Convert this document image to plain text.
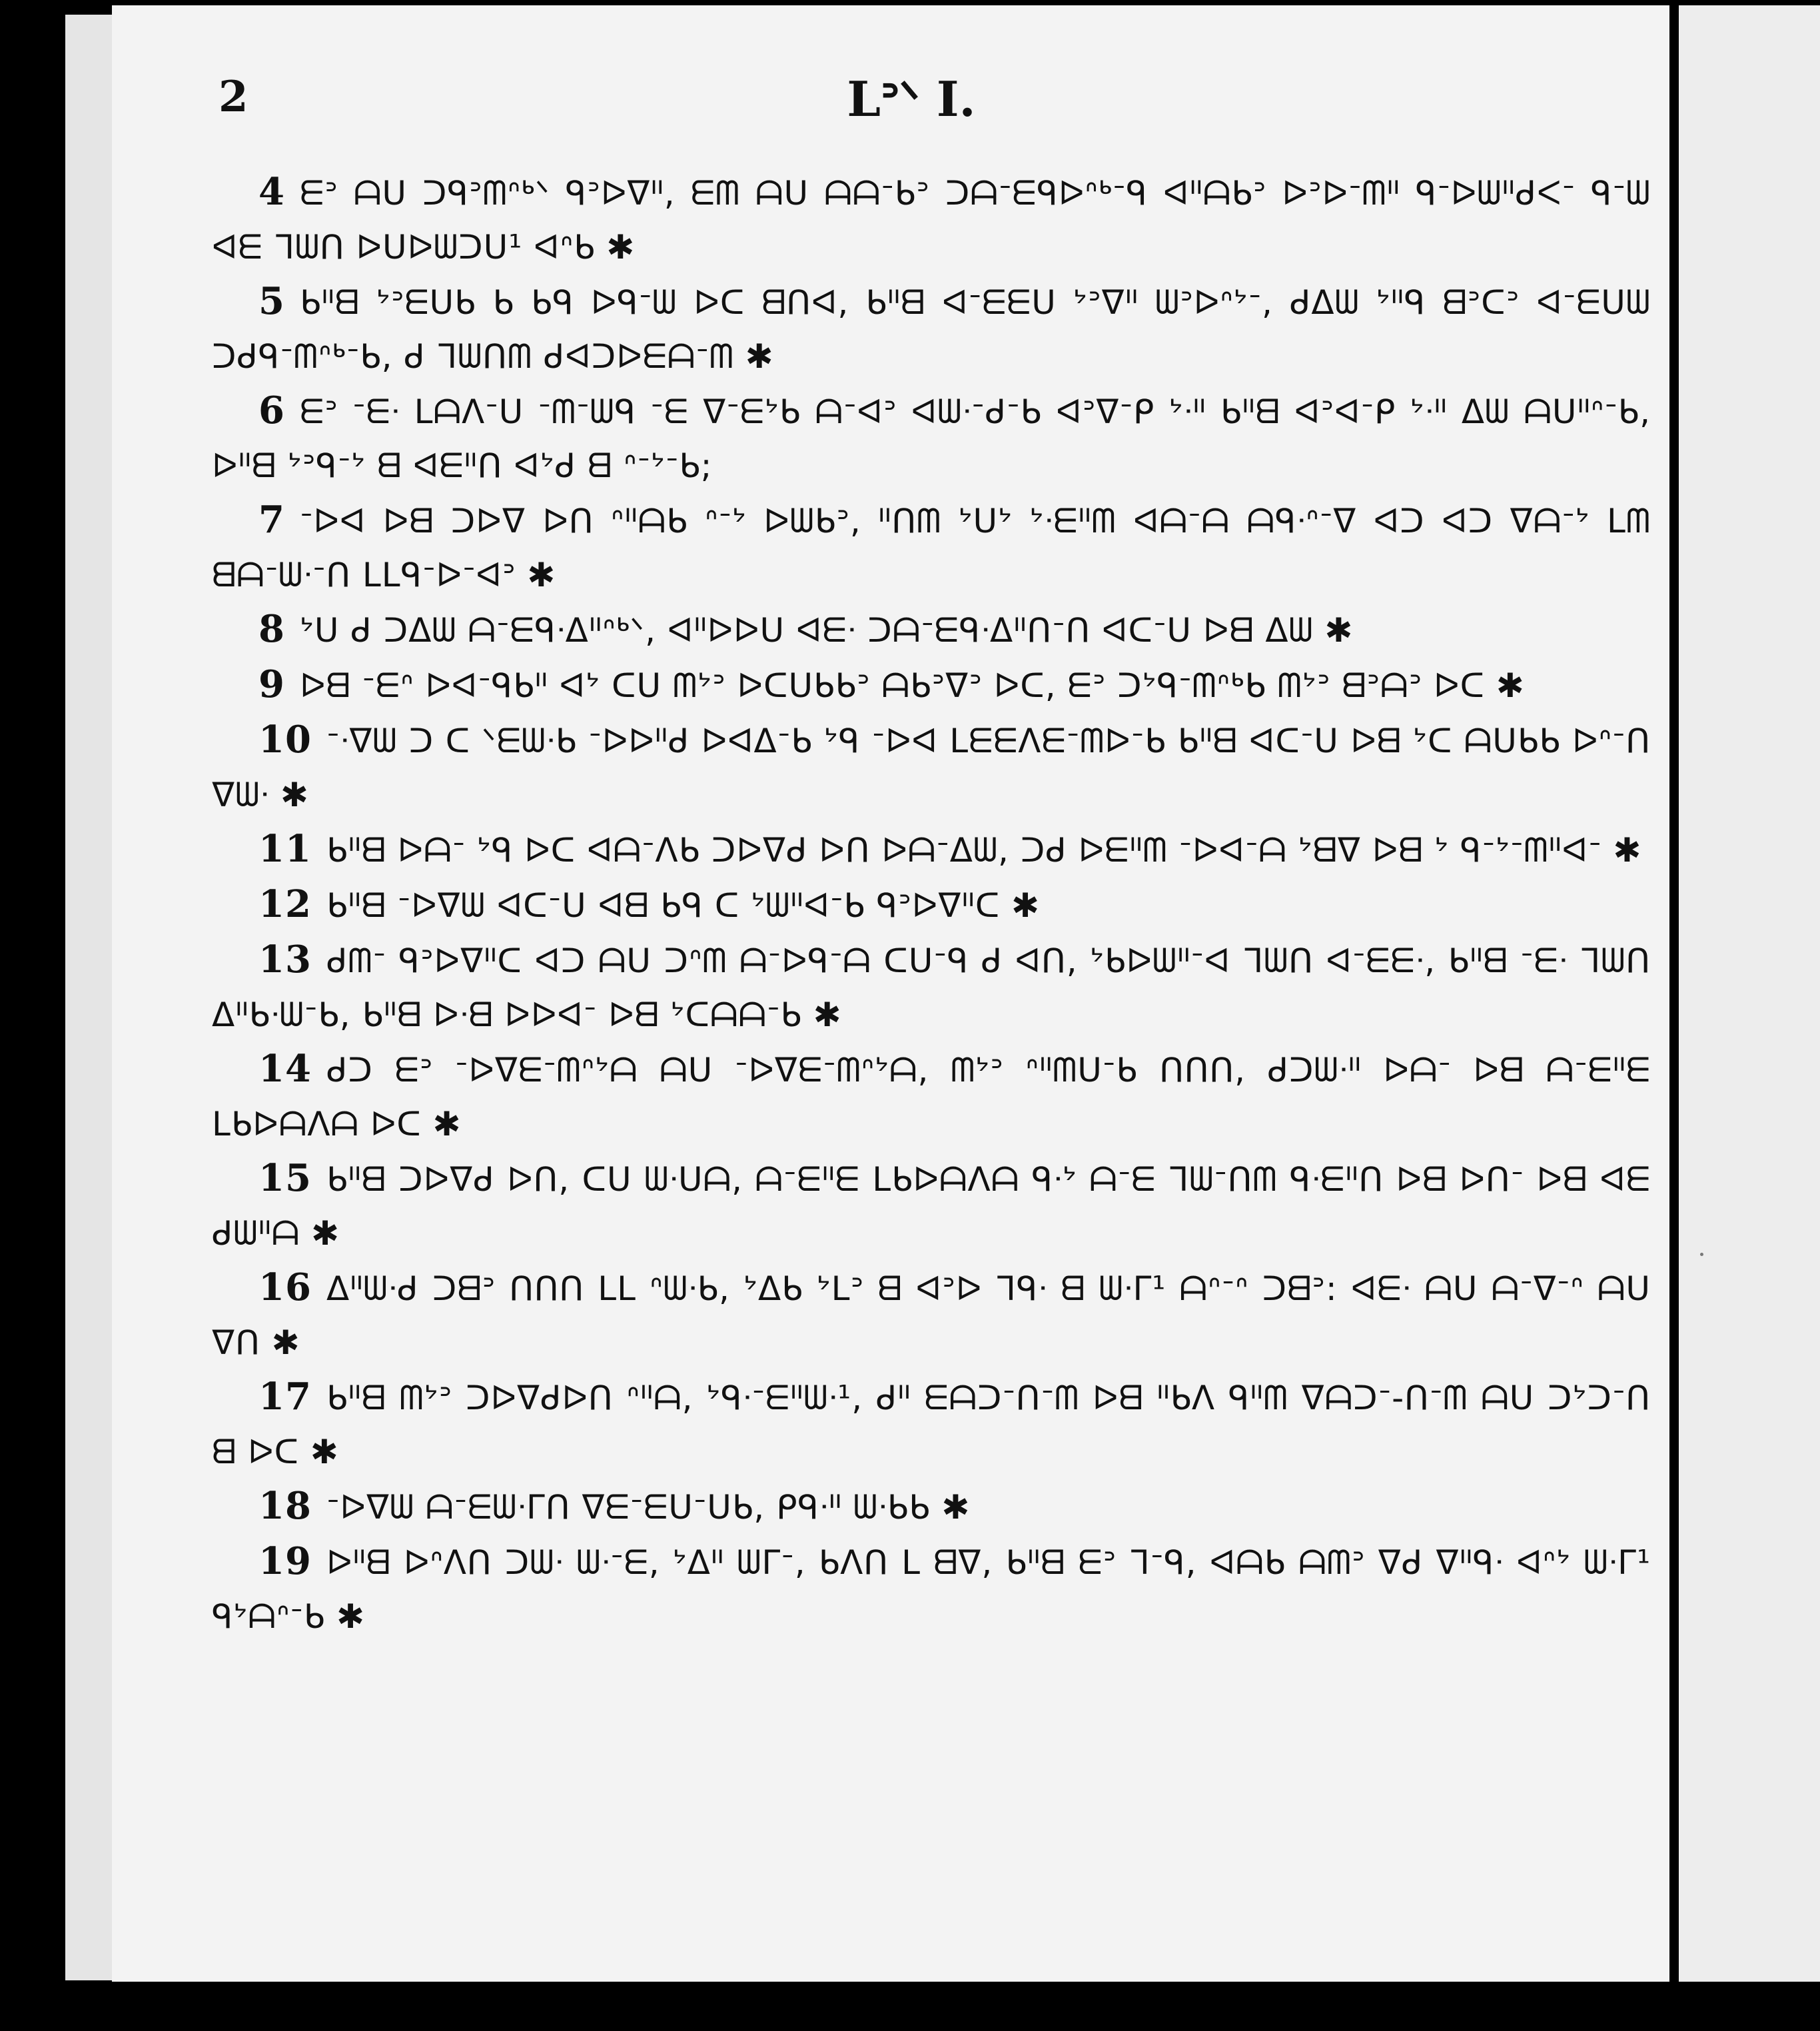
2	Lᐣᐠ I.

4 ᗴᐣ ᗩᑌ ᑐᑫᐣᗰᐢᒃᐠ ᑫᐣᐅᐁᐦ, ᗴᗰ ᗩᑌ ᗩᗩᐨᑲᐣ ᑐᗩᐨᗴᑫᐅᐢᒃᐨᑫ ᐊᐦᗩᑲᐣ ᐅᐣᐅᐨᗰᐦ ᑫᐨᐅᗯᐦᑯᐸᐨ ᑫᐨᗯ ᐊᗴ ᒣᗯᑎ ᐅᑌᐅᗯᑐᑌ¹ ᐊᐢᑲ ✱

5 ᑲᐦᗺ ᔾᐣᗴᑌᑲ ᑲ ᑲᑫ ᐅᑫᐨᗯ ᐅᑕ ᗺᑎᐊ, ᑲᐦᗺ ᐊᐨᗴᗴᑌ ᔾᐣᐁᐦ ᗯᐣᐅᐢᔾᐨ, ᑯᐃᗯ ᔾᐦᑫ ᗺᐣᑕᐣ ᐊᐨᗴᑌᗯ ᑐᑯᑫᐨᗰᐢᒃᐨᑲ, ᑯ ᒣᗯᑎᗰ ᑯᐊᑐᐅᗴᗩᐨᗰ ✱

6 ᗴᐣ ᐨᗴᐧ ᒪᗩᐱᐨᑌ ᐨᗰᐨᗯᑫ ᐨᗴ ᐁᐨᗴᔾᑲ ᗩᐨᐊᐣ ᐊᗯᐧᐨᑯᐨᑲ ᐊᐣᐁᐨᑭ ᔾᐧᐦ ᑲᐦᗺ ᐊᐣᐊᐨᑭ ᔾᐧᐦ ᐃᗯ ᗩᑌᐦᐢᐨᑲ, ᐅᐦᗺ ᔾᐣᑫᐨᔾ ᗺ ᐊᗴᐦᑎ ᐊᔾᑯ ᗺ ᐢᐨᔾᐨᑲ;

7 ᐨᐅᐊ ᐅᗺ ᑐᐅᐁ ᐅᑎ ᐢᐦᗩᑲ ᐢᐨᔾ ᐅᗯᑲᐣ, ᐦᑎᗰ ᔾᑌᔾ ᔾᐧᗴᐦᗰ ᐊᗩᐨᗩ ᗩᑫᐧᐢᐨᐁ ᐊᑐ ᐊᑐ ᐁᗩᐨᔾ ᒪᗰ ᗺᗩᐨᗯᐧᐨᑎ ᒪᒪᑫᐨᐅᐨᐊᐣ ✱

8 ᔾᑌ ᑯ ᑐᐃᗯ ᗩᐨᗴᑫᐧᐃᐦᐢᒃᐠ, ᐊᐦᐅᐅᑌ ᐊᗴᐧ ᑐᗩᐨᗴᑫᐧᐃᐦᑎᐨᑎ ᐊᑕᐨᑌ ᐅᗺ ᐃᗯ ✱

9 ᐅᗺ ᐨᗴᐢ ᐅᐊᐨᑫᑲᐦ ᐊᔾ ᑕᑌ ᗰᔾᐣ ᐅᑕᑌᑲᑲᐣ ᗩᑲᐣᐁᐣ ᐅᑕ, ᗴᐣ ᑐᔾᑫᐨᗰᐢᒃᑲ ᗰᔾᐣ ᗺᐣᗩᐣ ᐅᑕ ✱

10 ᐨᐧᐁᗯ ᑐ ᑕ ᐠᗴᗯᐧᑲ ᐨᐅᐅᐦᑯ ᐅᐊᐃᐨᑲ ᔾᑫ ᐨᐅᐊ ᒪᗴᗴᐱᗴᐨᗰᐅᐨᑲ ᑲᐦᗺ ᐊᑕᐨᑌ ᐅᗺ ᔾᑕ ᗩᑌᑲᑲ ᐅᐢᐨᑎ ᐁᗯᐧ ✱

11 ᑲᐦᗺ ᐅᗩᐨ ᔾᑫ ᐅᑕ ᐊᗩᐨᐱᑲ ᑐᐅᐁᑯ ᐅᑎ ᐅᗩᐨᐃᗯ, ᑐᑯ ᐅᗴᐦᗰ ᐨᐅᐊᐨᗩ ᔾᗺᐁ ᐅᗺ ᔾ ᑫᐨᔾᐨᗰᐦᐊᐨ ✱

12 ᑲᐦᗺ ᐨᐅᐁᗯ ᐊᑕᐨᑌ ᐊᗺ ᑲᑫ ᑕ ᔾᗯᐦᐊᐨᑲ ᑫᐣᐅᐁᐦᑕ ✱

13 ᑯᗰᐨ ᑫᐣᐅᐁᐦᑕ ᐊᑐ ᗩᑌ ᑐᐢᗰ ᗩᐨᐅᑫᐨᗩ ᑕᑌᐨᑫ ᑯ ᐊᑎ, ᔾᑲᐅᗯᐦᐨᐊ ᒣᗯᑎ ᐊᐨᗴᗴᐧ, ᑲᐦᗺ ᐨᗴᐧ ᒣᗯᑎ ᐃᐦᑲᐧᗯᐨᑲ, ᑲᐦᗺ ᐅᐧᗺ ᐅᐅᐊᐨ ᐅᗺ ᔾᑕᗩᗩᐨᑲ ✱

14 ᑯᑐ ᗴᐣ ᐨᐅᐁᗴᐨᗰᐢᔾᗩ ᗩᑌ ᐨᐅᐁᗴᐨᗰᐢᔾᗩ, ᗰᔾᐣ ᐢᐦᗰᑌᐨᑲ ᑎᑎᑎ, ᑯᑐᗯᐧᐦ ᐅᗩᐨ ᐅᗺ ᗩᐨᗴᐦᗴ ᒪᑲᐅᗩᐱᗩ ᐅᑕ ✱

15 ᑲᐦᗺ ᑐᐅᐁᑯ ᐅᑎ, ᑕᑌ ᗯᐧᑌᗩ, ᗩᐨᗴᐦᗴ ᒪᑲᐅᗩᐱᗩ ᑫᐧᔾ ᗩᐨᗴ ᒣᗯᐨᑎᗰ ᑫᐧᗴᐦᑎ ᐅᗺ ᐅᑎᐨ ᐅᗺ ᐊᗴ ᑯᗯᐦᗩ ✱

16 ᐃᐦᗯᐧᑯ ᑐᗺᐣ ᑎᑎᑎ ᒪᒪ ᐢᗯᐧᑲ, ᔾᐃᑲ ᔾᒪᐣ ᗺ ᐊᐣᐅ ᒣᑫᐧ ᗺ ᗯᐧᒥ¹ ᗩᐢᐨᐢ ᑐᗺᐣ: ᐊᗴᐧ ᗩᑌ ᗩᐨᐁᐨᐢ ᗩᑌ ᐁᑎ ✱

17 ᑲᐦᗺ ᗰᔾᐣ ᑐᐅᐁᑯᐅᑎ ᐢᐦᗩ, ᔾᑫᐧᐨᗴᐦᗯᐧ¹, ᑯᐦ ᗴᗩᑐᐨᑎᐨᗰ ᐅᗺ ᐦᑲᐱ ᑫᐦᗰ ᐁᗩᑐᐨ-ᑎᐨᗰ ᗩᑌ ᑐᔾᑐᐨᑎ ᗺ ᐅᑕ ✱

18 ᐨᐅᐁᗯ ᗩᐨᗴᗯᐧᒥᑎ ᐁᗴᐨᗴᑌᐨᑌᑲ, ᑭᑫᐧᐦ ᗯᐧᑲᑲ ✱

19 ᐅᐦᗺ ᐅᐢᐱᑎ ᑐᗯᐧ ᗯᐧᐨᗴ, ᔾᐃᐦ ᗯᒥᐨ, ᑲᐱᑎ ᒪ ᗺᐁ, ᑲᐦᗺ ᗴᐣ ᒣᐨᑫ, ᐊᗩᑲ ᗩᗰᐣ ᐁᑯ ᐁᐦᑫᐧ ᐊᐢᔾ ᗯᐧᒥ¹ ᑫᔾᗩᐢᐨᑲ ✱
